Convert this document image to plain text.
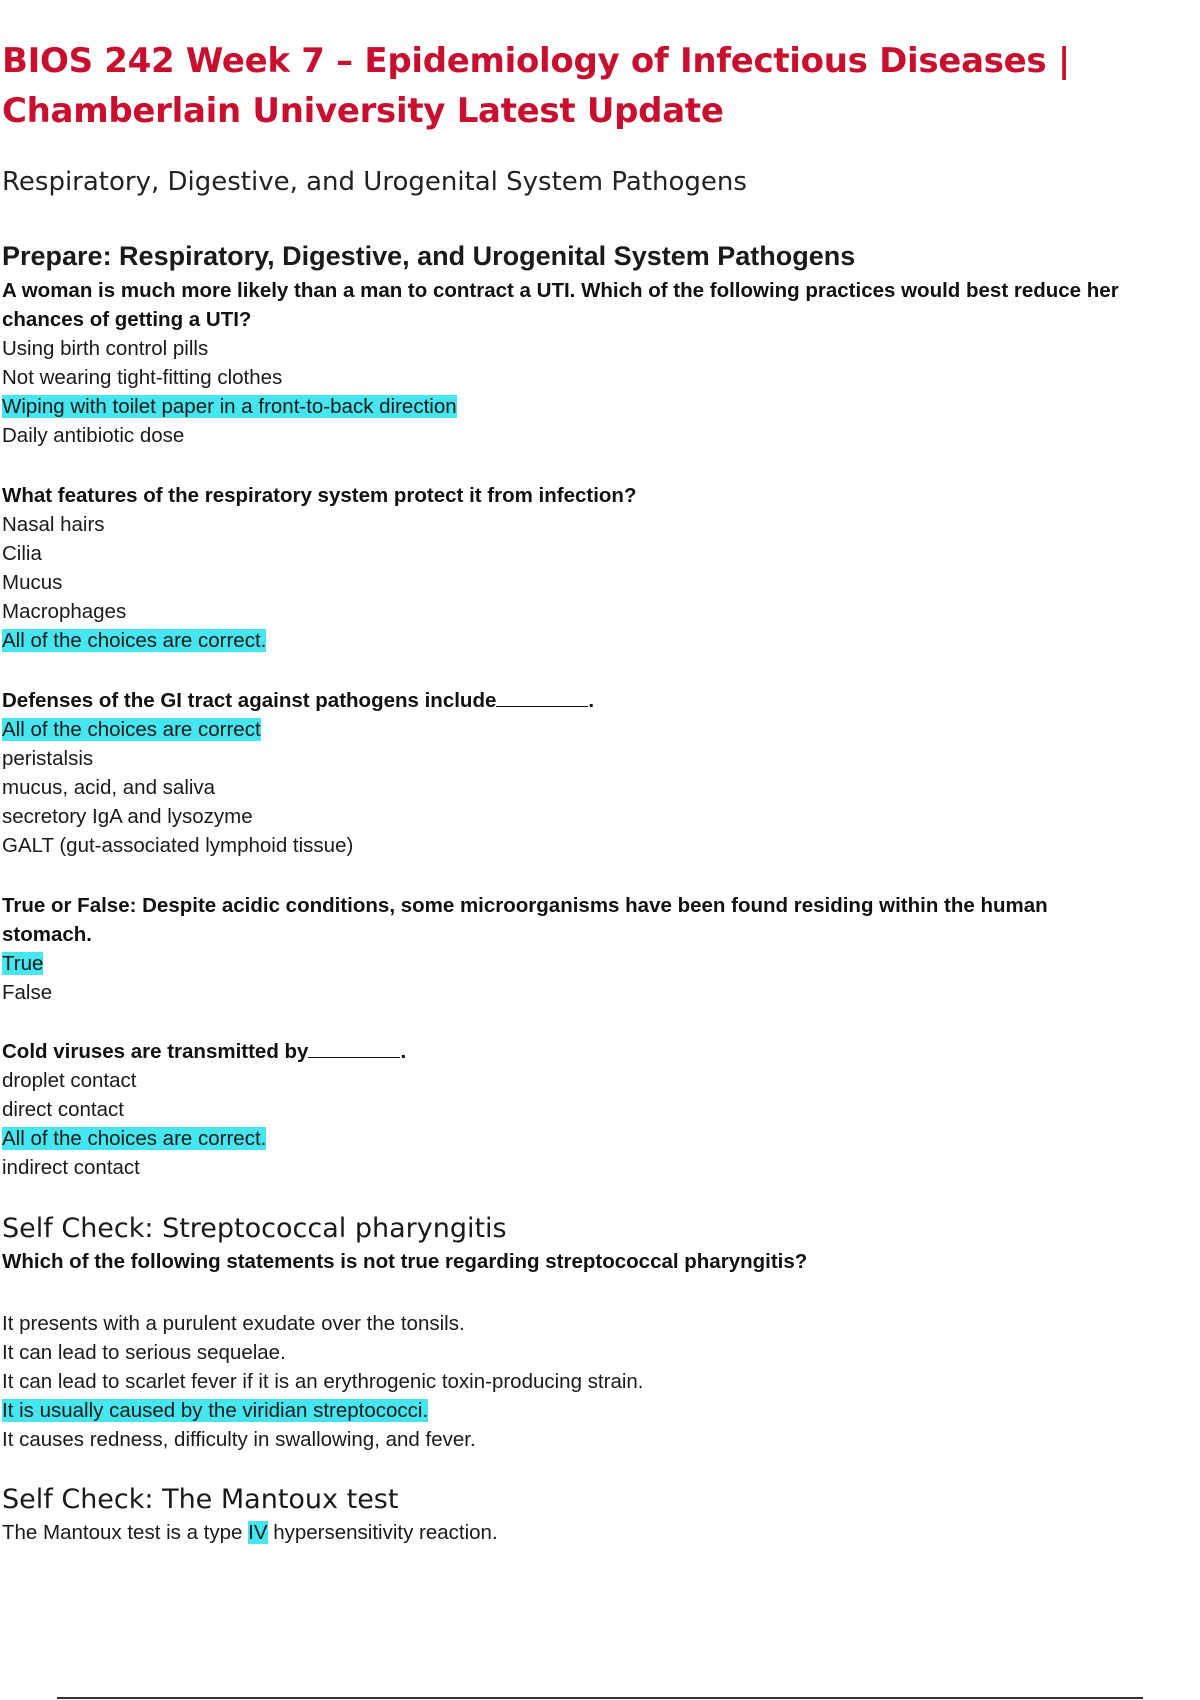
BIOS 242 Week 7 – Epidemiology of Infectious Diseases | Chamberlain University Latest Update

Respiratory, Digestive, and Urogenital System Pathogens

Prepare: Respiratory, Digestive, and Urogenital System Pathogens

A woman is much more likely than a man to contract a UTI. Which of the following practices would best reduce her

chances of getting a UTI?

Using birth control pills

Not wearing tight-fitting clothes

Wiping with toilet paper in a front-to-back direction

Daily antibiotic dose

What features of the respiratory system protect it from infection?

Nasal hairs

Cilia

Mucus

Macrophages

All of the choices are correct.

Defenses of the GI tract against pathogens include	.

All of the choices are correct

peristalsis

mucus, acid, and saliva

secretory IgA and lysozyme

GALT (gut-associated lymphoid tissue)

True or False: Despite acidic conditions, some microorganisms have been found residing within the human

stomach.

True

False

Cold viruses are transmitted by	.

droplet contact

direct contact

All of the choices are correct.

indirect contact

Self Check: Streptococcal pharyngitis

Which of the following statements is not true regarding streptococcal pharyngitis?

It presents with a purulent exudate over the tonsils.

It can lead to serious sequelae.

It can lead to scarlet fever if it is an erythrogenic toxin-producing strain.

It is usually caused by the viridian streptococci.

It causes redness, difficulty in swallowing, and fever.

Self Check: The Mantoux test

The Mantoux test is a type IV hypersensitivity reaction.
